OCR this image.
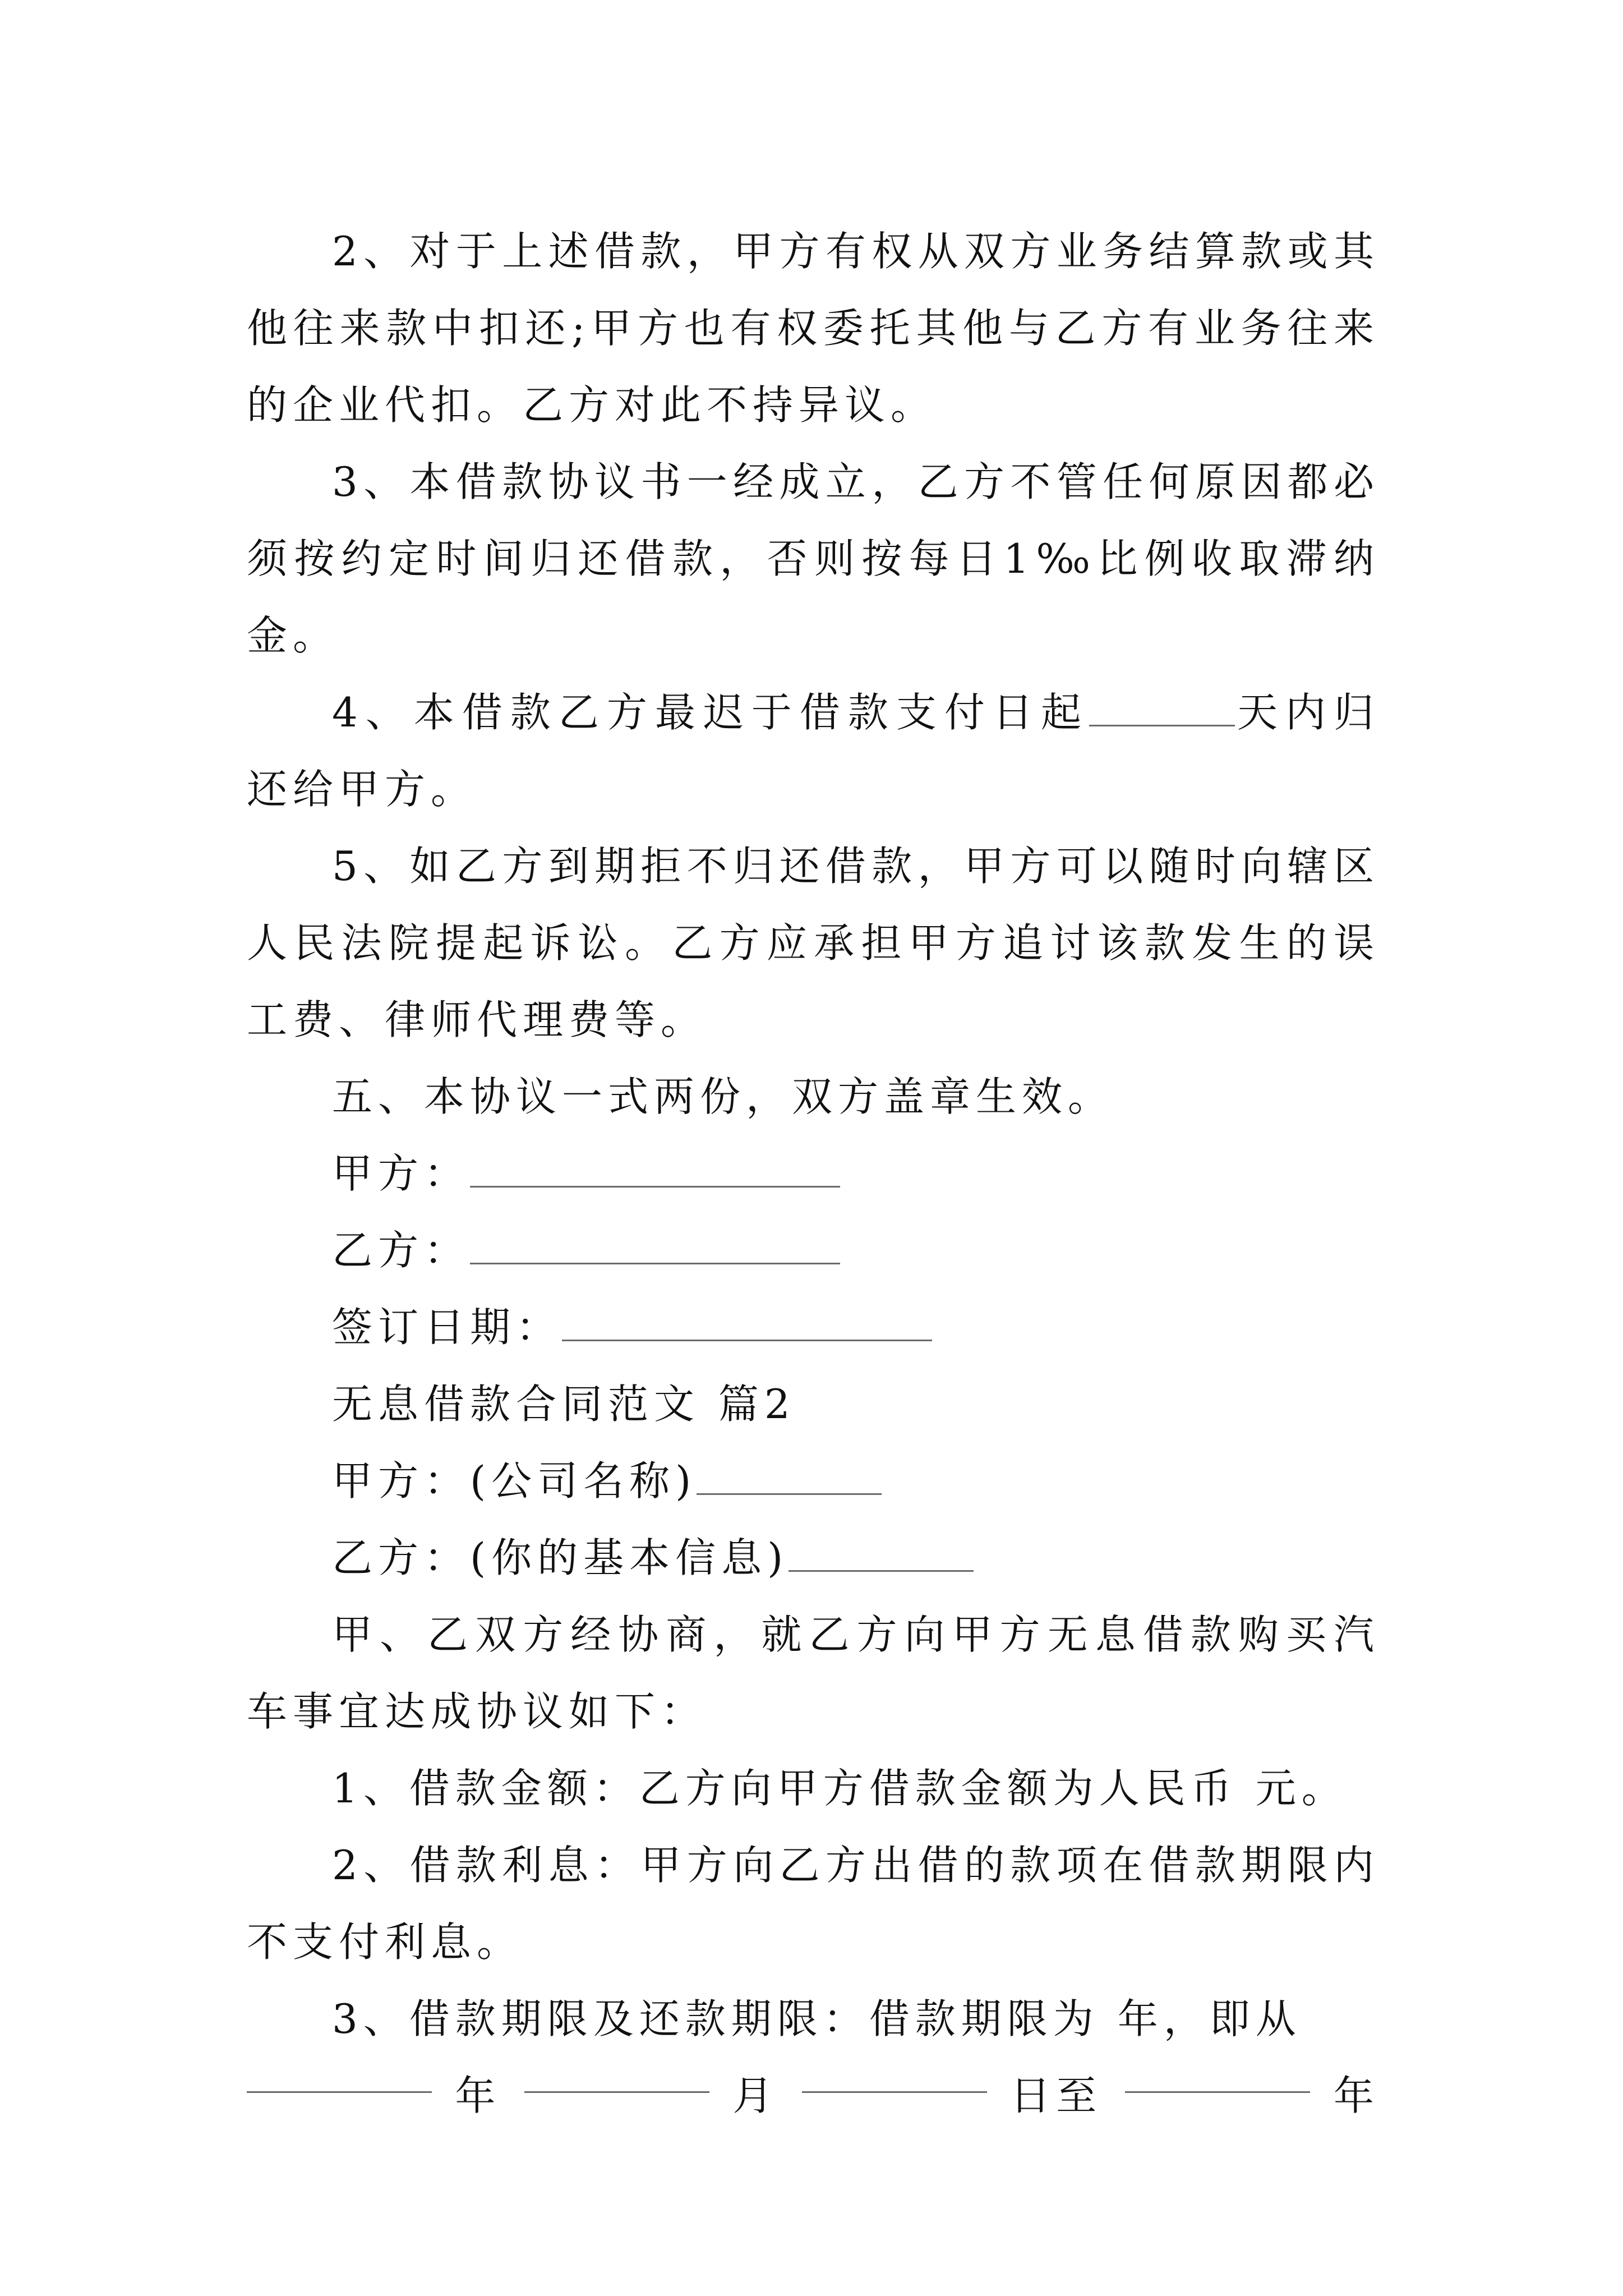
2、对于上述借款，甲方有权从双方业务结算款或其他往来款中扣还;甲方也有权委托其他与乙方有业务往来的企业代扣。乙方对此不持异议。

3、本借款协议书一经成立，乙方不管任何原因都必须按约定时间归还借款，否则按每日1‰比例收取滞纳金。

4、本借款乙方最迟于借款支付日起	天内归还给甲方。

5、如乙方到期拒不归还借款，甲方可以随时向辖区人民法院提起诉讼。乙方应承担甲方追讨该款发生的误工费、律师代理费等。

五、本协议一式两份，双方盖章生效。

甲方：

乙方：

签订日期：

无息借款合同范文 篇2

甲方：(公司名称)

乙方：(你的基本信息)

甲、乙双方经协商，就乙方向甲方无息借款购买汽车事宜达成协议如下：

1、借款金额：乙方向甲方借款金额为人民币 元。

2、借款利息：甲方向乙方出借的款项在借款期限内不支付利息。

3、借款期限及还款期限：借款期限为 年，即从

年	月	日至	年
